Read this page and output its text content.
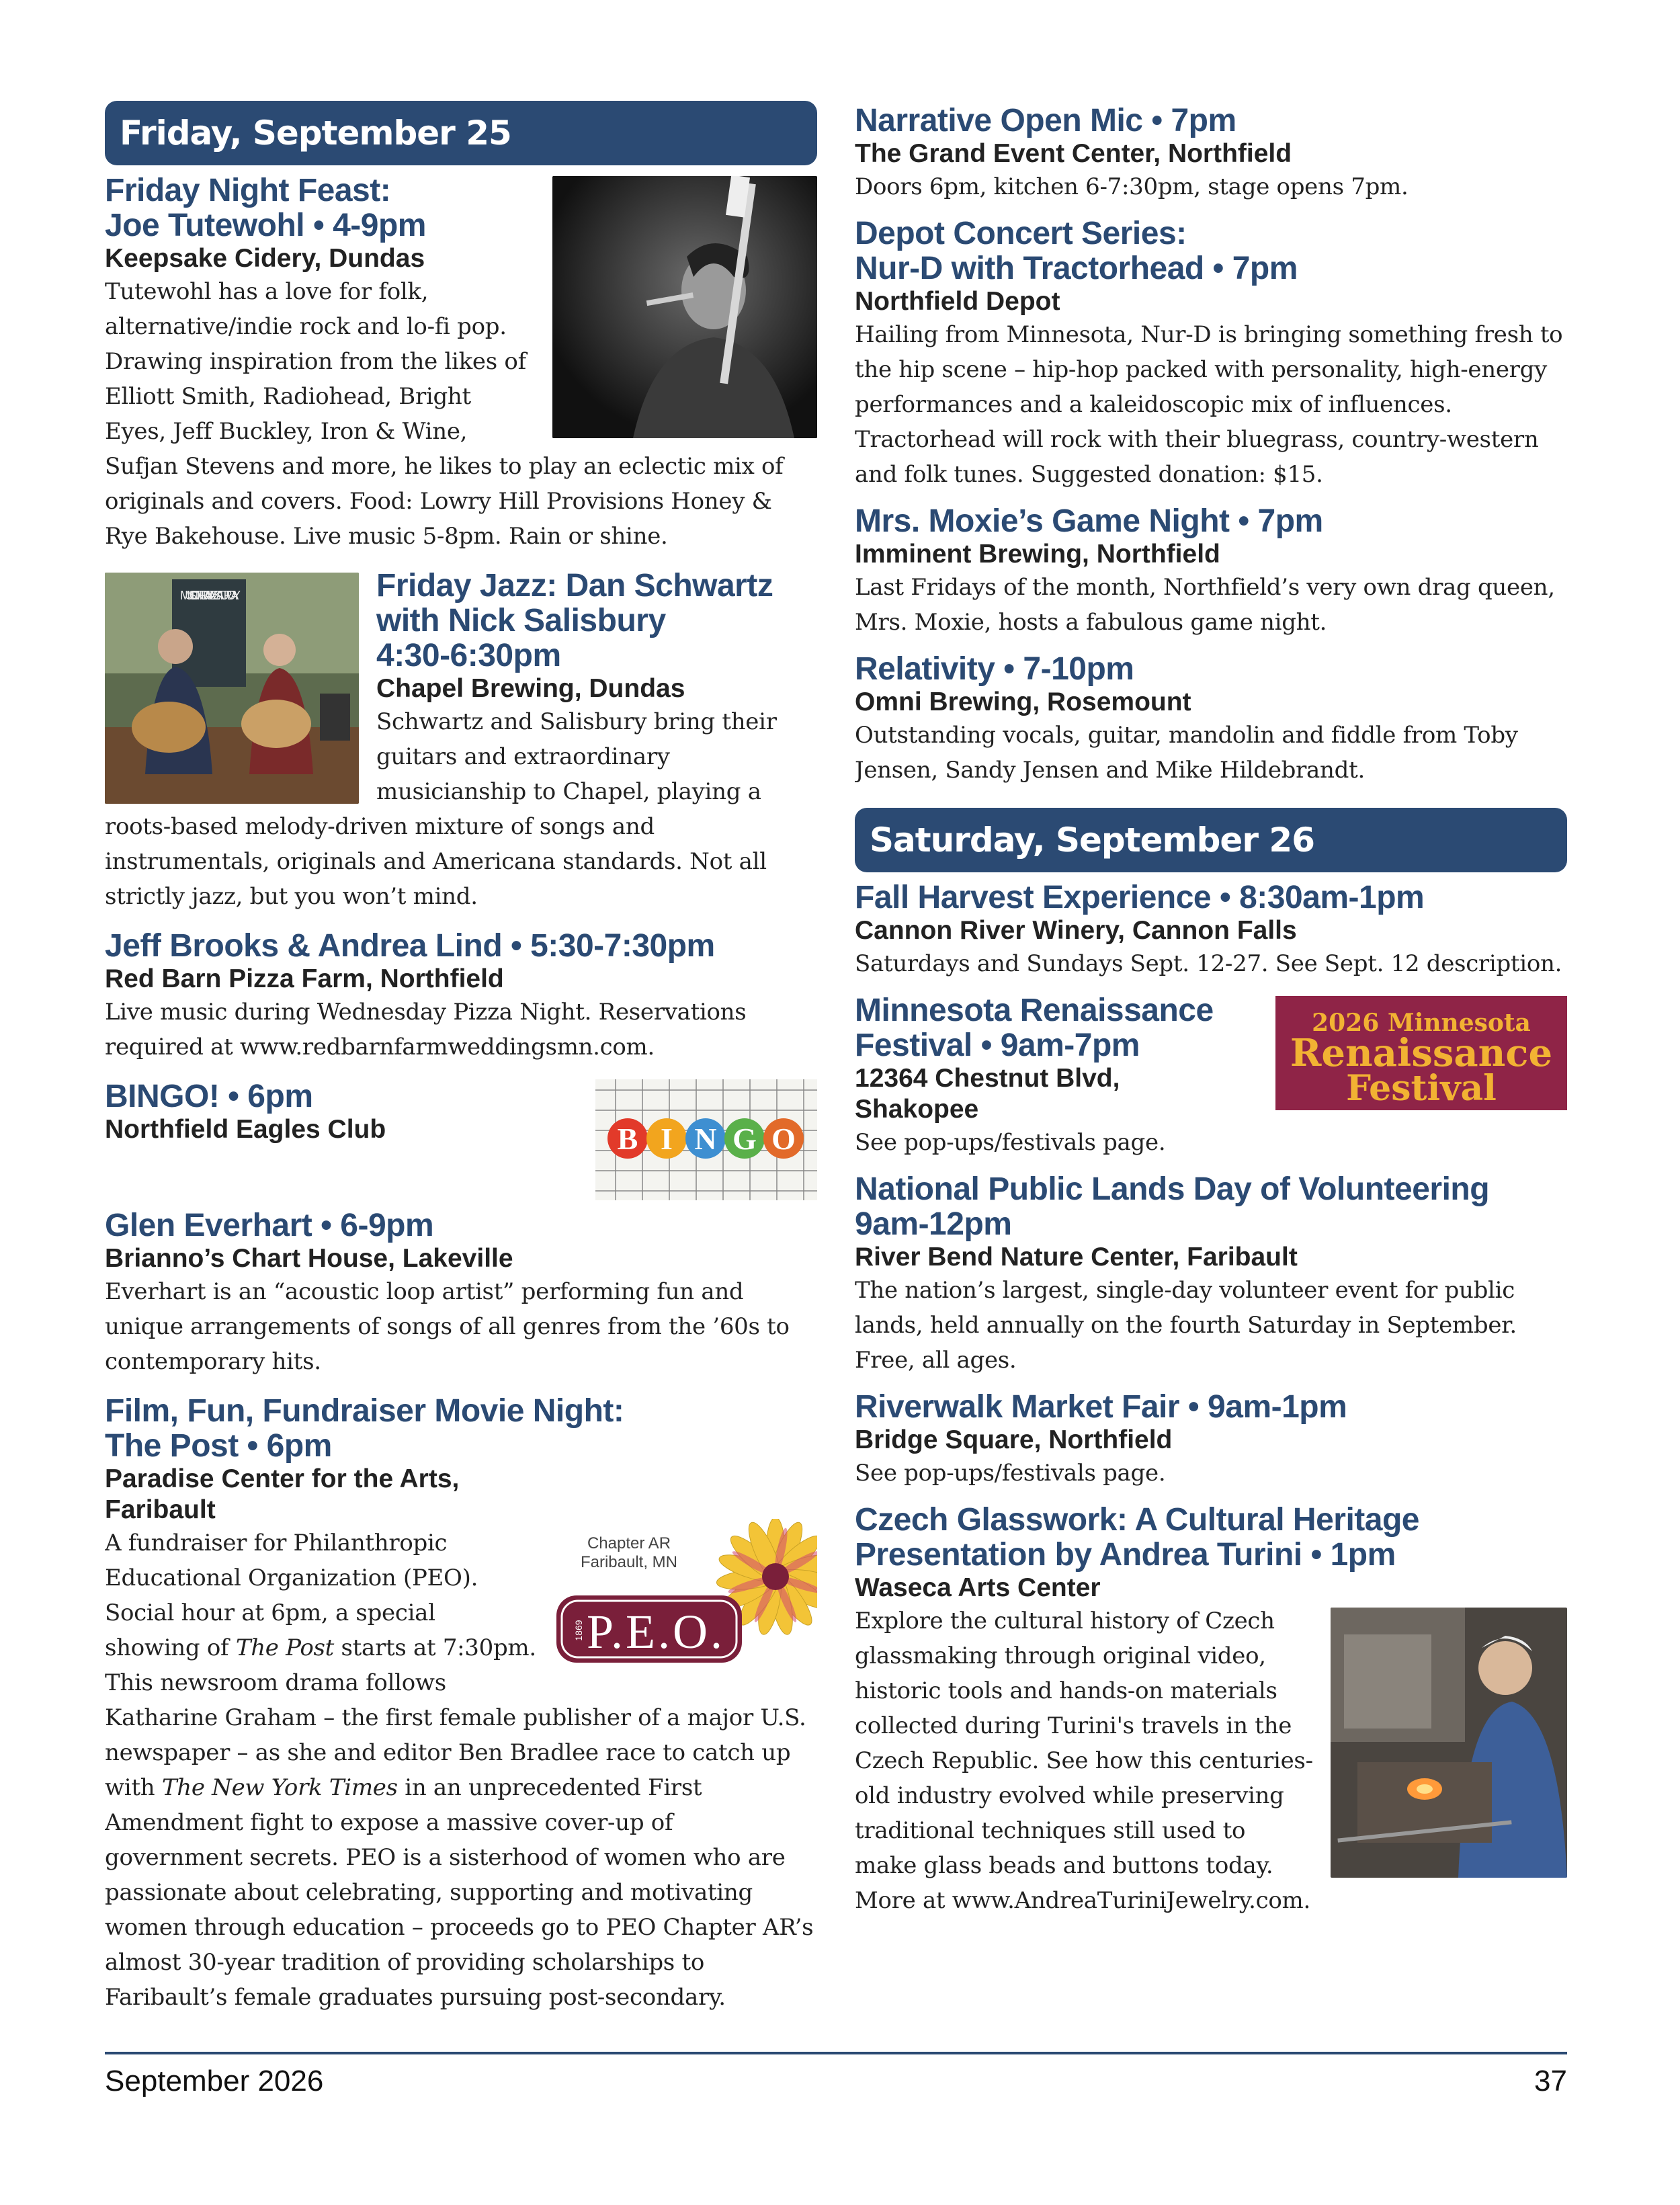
Friday, September 25
Friday Night Feast:
Joe Tutewohl • 4-9pm
Keepsake Cidery, Dundas
Tutewohl has a love for folk, alternative/indie rock and lo-fi pop. Drawing inspiration from the likes of Elliott Smith, Radiohead, Bright Eyes, Jeff Buckley, Iron & Wine, Sufjan Stevens and more, he likes to play an eclectic mix of originals and covers. Food: Lowry Hill Provisions Honey & Rye Bakehouse. Live music 5-8pm. Rain or shine.
MUSIC ON FRIDAY JAZZ SATURDAY	Friday Jazz: Dan Schwartz
with Nick Salisbury
4:30-6:30pm
Chapel Brewing, Dundas
Schwartz and Salisbury bring their guitars and extraordinary musicianship to Chapel, playing a roots-based melody-driven mixture of songs and instrumentals, originals and Americana standards. Not all strictly jazz, but you won’t mind.
Jeff Brooks & Andrea Lind • 5:30-7:30pm
Red Barn Pizza Farm, Northfield
Live music during Wednesday Pizza Night. Reservations required at www.redbarnfarmweddingsmn.com.
B I N G O
BINGO! • 6pm
Northfield Eagles Club
Glen Everhart • 6-9pm
Brianno’s Chart House, Lakeville
Everhart is an “acoustic loop artist” performing fun and unique arrangements of songs of all genres from the ’60s to contemporary hits.
Film, Fun, Fundraiser Movie Night:
The Post • 6pm
Paradise Center for the Arts,
Faribault
Chapter AR
Faribault, MN
P.E.O.
1869
A fundraiser for Philanthropic Educational Organization (PEO). Social hour at 6pm, a special showing of The Post starts at 7:30pm. This newsroom drama follows Katharine Graham – the first female publisher of a major U.S. newspaper – as she and editor Ben Bradlee race to catch up with The New York Times in an unprecedented First Amendment fight to expose a massive cover-up of government secrets. PEO is a sisterhood of women who are passionate about celebrating, supporting and motivating women through education – proceeds go to PEO Chapter AR’s almost 30-year tradition of providing scholarships to Faribault’s female graduates pursuing post-secondary.
Narrative Open Mic • 7pm
The Grand Event Center, Northfield
Doors 6pm, kitchen 6-7:30pm, stage opens 7pm.
Depot Concert Series:
Nur-D with Tractorhead • 7pm
Northfield Depot
Hailing from Minnesota, Nur-D is bringing something fresh to the hip scene – hip-hop packed with personality, high-energy performances and a kaleidoscopic mix of influences. Tractorhead will rock with their bluegrass, country-western and folk tunes. Suggested donation: $15.
Mrs. Moxie’s Game Night • 7pm
Imminent Brewing, Northfield
Last Fridays of the month, Northfield’s very own drag queen, Mrs. Moxie, hosts a fabulous game night.
Relativity • 7-10pm
Omni Brewing, Rosemount
Outstanding vocals, guitar, mandolin and fiddle from Toby Jensen, Sandy Jensen and Mike Hildebrandt.
Saturday, September 26
Fall Harvest Experience • 8:30am-1pm
Cannon River Winery, Cannon Falls
Saturdays and Sundays Sept. 12-27. See Sept. 12 description.
2026 Minnesota
Renaissance
Festival
Minnesota Renaissance
Festival • 9am-7pm
12364 Chestnut Blvd,
Shakopee
See pop-ups/festivals page.
National Public Lands Day of Volunteering
9am-12pm
River Bend Nature Center, Faribault
The nation’s largest, single-day volunteer event for public lands, held annually on the fourth Saturday in September. Free, all ages.
Riverwalk Market Fair • 9am-1pm
Bridge Square, Northfield
See pop-ups/festivals page.
Czech Glasswork: A Cultural Heritage
Presentation by Andrea Turini • 1pm
Waseca Arts Center
Explore the cultural history of Czech glassmaking through original video, historic tools and hands-on materials collected during Turini's travels in the Czech Republic. See how this centuries-old industry evolved while preserving traditional techniques still used to make glass beads and buttons today. More at www.AndreaTuriniJewelry.com.
September 2026	37
